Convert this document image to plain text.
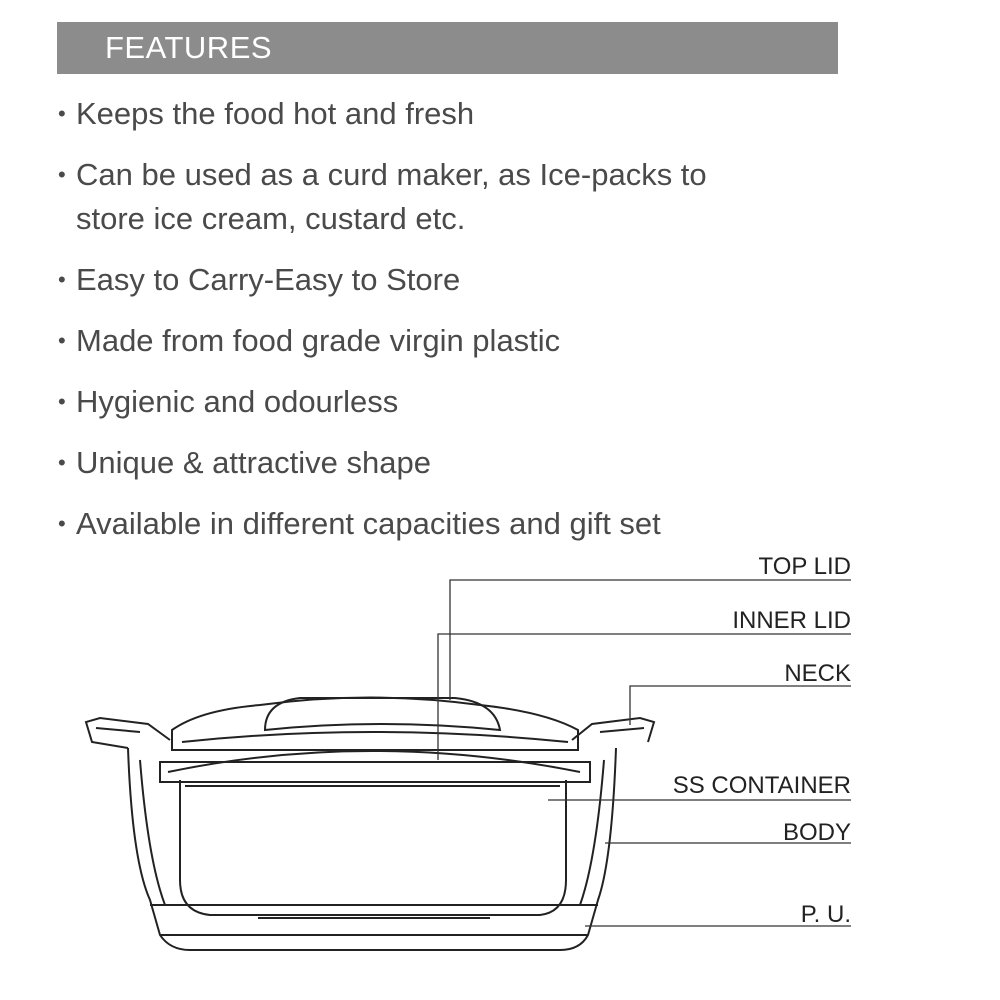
FEATURES
• Keeps the food hot and fresh
• Can be used as a curd maker, as Ice-packs to store ice cream, custard etc.
• Easy to Carry-Easy to Store
• Made from food grade virgin plastic
• Hygienic and odourless
• Unique & attractive shape
• Available in different capacities and gift set
TOP LID
INNER LID
NECK
SS CONTAINER
BODY
P. U.
